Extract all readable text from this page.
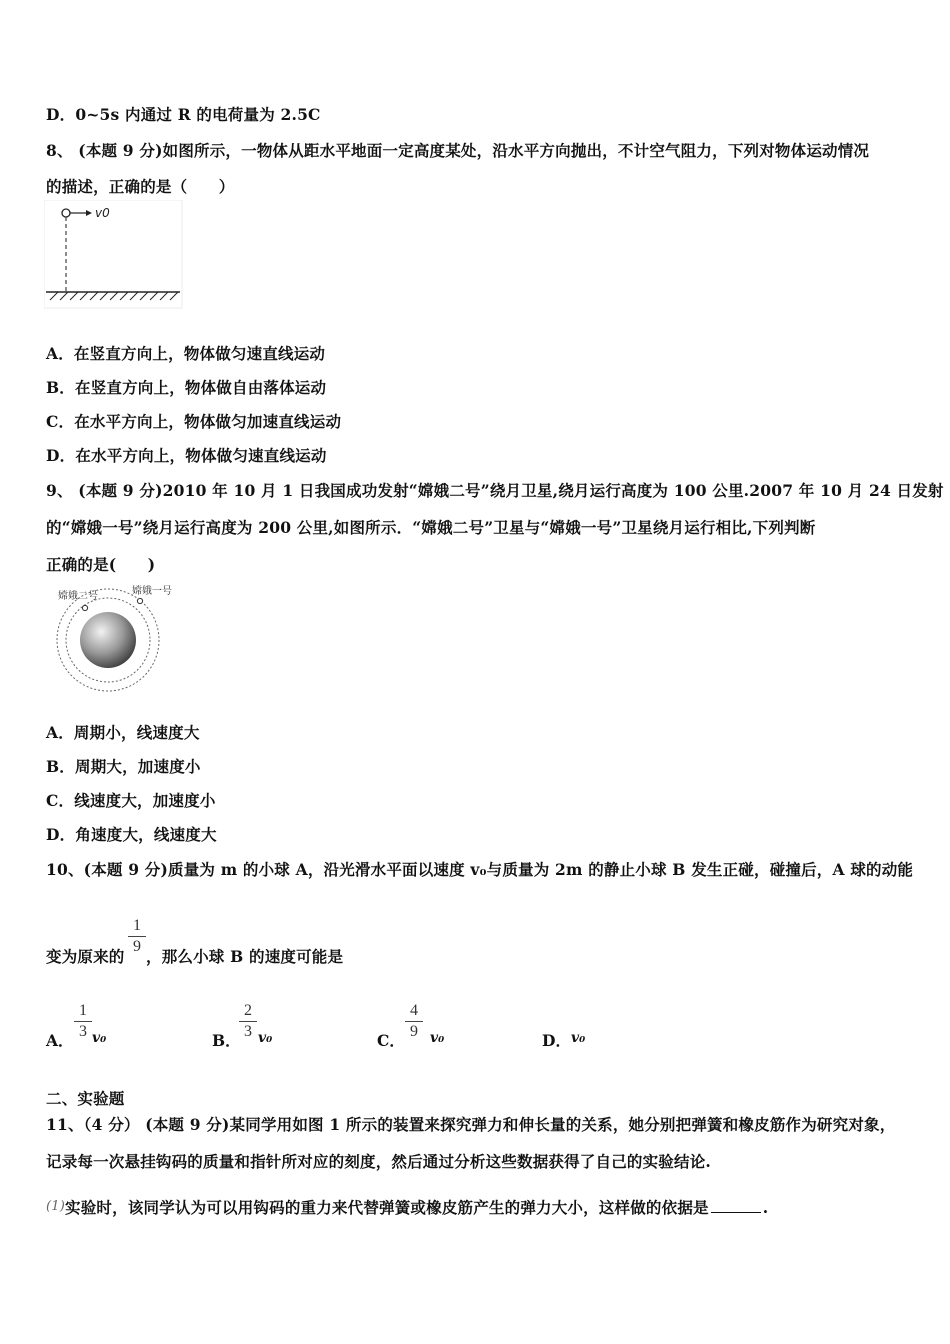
D．0~5s 内通过 R 的电荷量为 2.5C
8、 (本题 9 分)如图所示，一物体从距水平地面一定高度某处，沿水平方向抛出，不计空气阻力，下列对物体运动情况
的描述，正确的是（　　）
v0
A．在竖直方向上，物体做匀速直线运动
B．在竖直方向上，物体做自由落体运动
C．在水平方向上，物体做匀加速直线运动
D．在水平方向上，物体做匀速直线运动
9、 (本题 9 分)2010 年 10 月 1 日我国成功发射“嫦娥二号”绕月卫星,绕月运行高度为 100 公里.2007 年 10 月 24 日发射
的“嫦娥一号”绕月运行高度为 200 公里,如图所示．“嫦娥二号”卫星与“嫦娥一号”卫星绕月运行相比,下列判断
正确的是(　　)
嫦娥二号	嫦娥一号
A．周期小，线速度大
B．周期大，加速度小
C．线速度大，加速度小
D．角速度大，线速度大
10、(本题 9 分)质量为 m 的小球 A，沿光滑水平面以速度 v₀与质量为 2m 的静止小球 B 发生正碰，碰撞后，A 球的动能
变为原来的
1
9
，那么小球 B 的速度可能是
A．
1
3 v₀	B．
2
3 v₀	C．
4
9 v₀	D． v₀
二、实验题
11、（4 分） (本题 9 分)某同学用如图 1 所示的装置来探究弹力和伸长量的关系，她分别把弹簧和橡皮筋作为研究对象，
记录每一次悬挂钩码的质量和指针所对应的刻度，然后通过分析这些数据获得了自己的实验结论.
(1)实验时，该同学认为可以用钩码的重力来代替弹簧或橡皮筋产生的弹力大小，这样做的依据是	.
